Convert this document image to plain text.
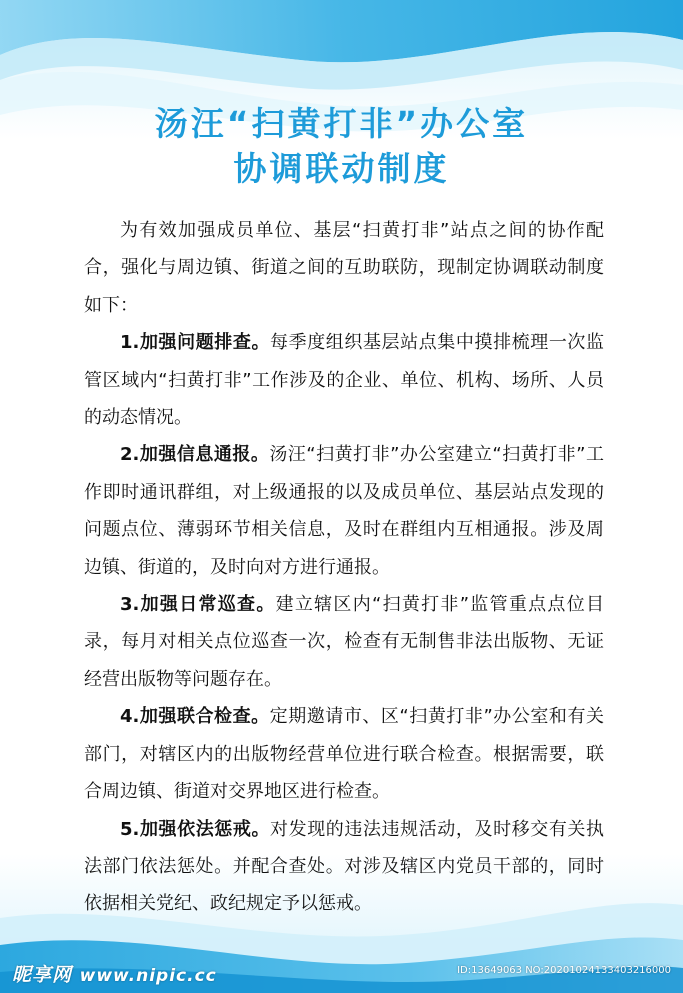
汤汪“扫黄打非”办公室
协调联动制度

为有效加强成员单位、基层“扫黄打非”站点之间的协作配合，强化与周边镇、街道之间的互助联防，现制定协调联动制度如下：

1.加强问题排查。每季度组织基层站点集中摸排梳理一次监管区域内“扫黄打非”工作涉及的企业、单位、机构、场所、人员的动态情况。

2.加强信息通报。汤汪“扫黄打非”办公室建立“扫黄打非”工作即时通讯群组，对上级通报的以及成员单位、基层站点发现的问题点位、薄弱环节相关信息，及时在群组内互相通报。涉及周边镇、街道的，及时向对方进行通报。

3.加强日常巡查。建立辖区内“扫黄打非”监管重点点位目录，每月对相关点位巡查一次，检查有无制售非法出版物、无证经营出版物等问题存在。

4.加强联合检查。定期邀请市、区“扫黄打非”办公室和有关部门，对辖区内的出版物经营单位进行联合检查。根据需要，联合周边镇、街道对交界地区进行检查。

5.加强依法惩戒。对发现的违法违规活动，及时移交有关执法部门依法惩处。并配合查处。对涉及辖区内党员干部的，同时依据相关党纪、政纪规定予以惩戒。

昵享网 www.nipic.cc	ID:13649063 NO:20201024133403216000
